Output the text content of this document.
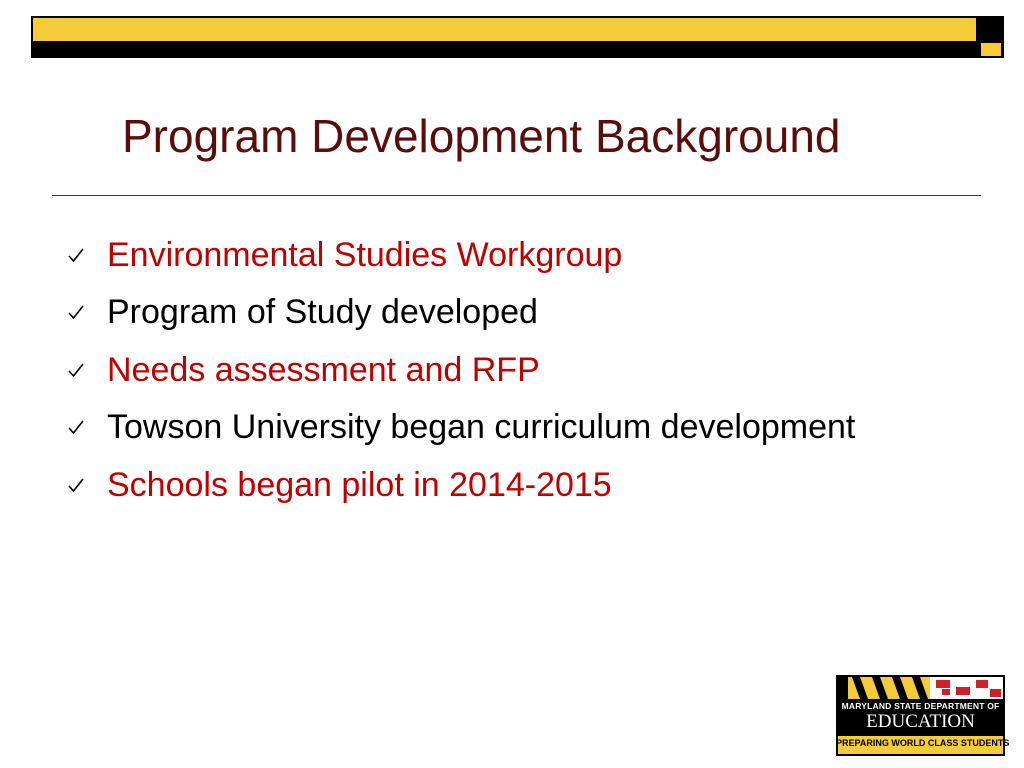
Program Development Background
Environmental Studies Workgroup
Program of Study developed
Needs assessment and RFP
Towson University began curriculum development
Schools began pilot in 2014-2015
MARYLAND STATE DEPARTMENT OF
EDUCATION
PREPARING WORLD CLASS STUDENTS
